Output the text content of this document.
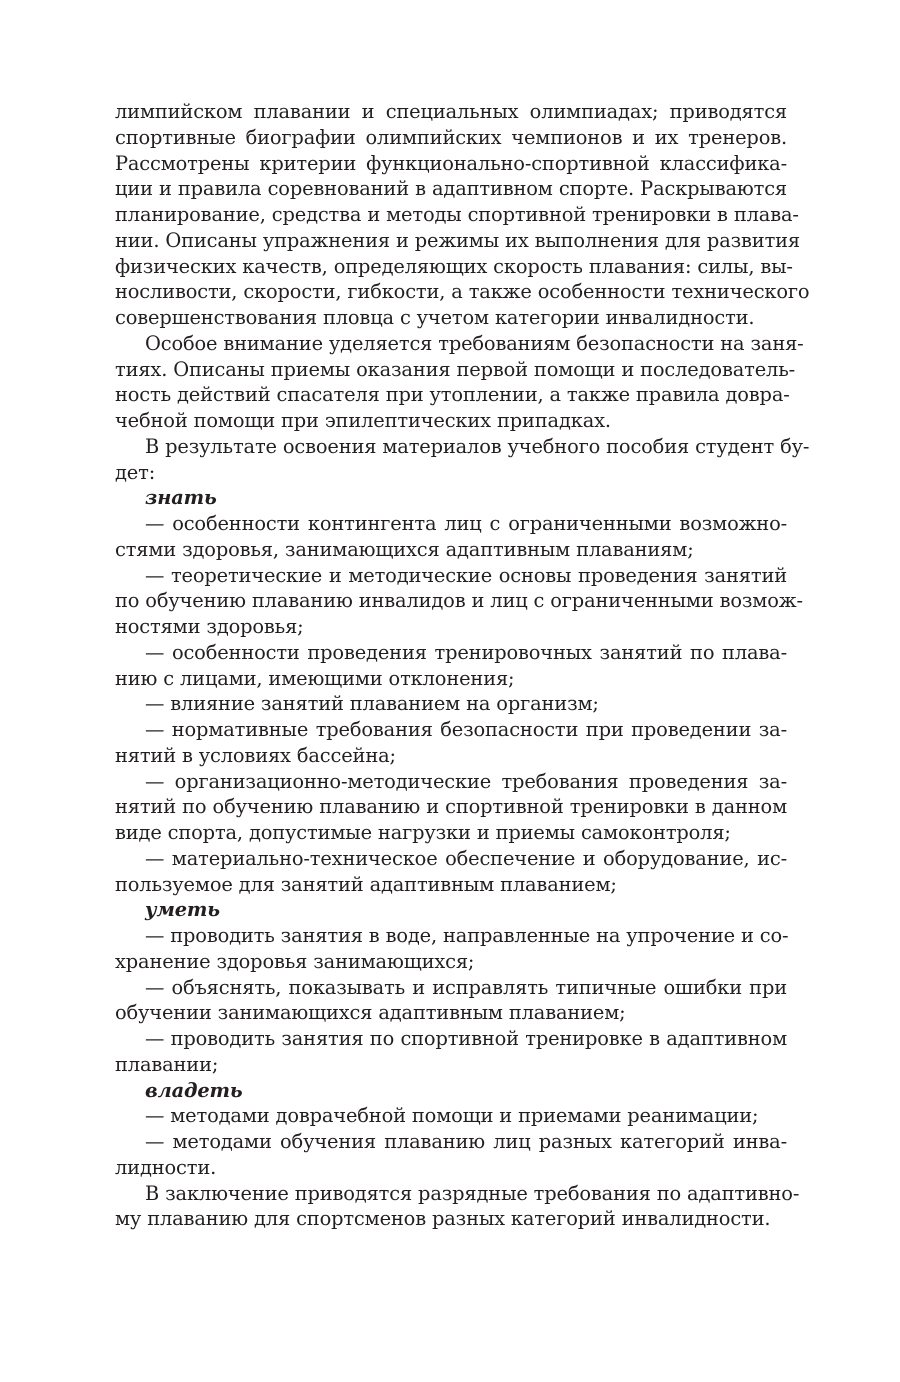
лимпийском плавании и специальных олимпиадах; приводятся
спортивные биографии олимпийских чемпионов и их тренеров.
Рассмотрены критерии функционально-спортивной классифика-
ции и правила соревнований в адаптивном спорте. Раскрываются
планирование, средства и методы спортивной тренировки в плава-
нии. Описаны упражнения и режимы их выполнения для развития
физических качеств, определяющих скорость плавания: силы, вы-
носливости, скорости, гибкости, а также особенности технического
совершенствования пловца с учетом категории инвалидности.

Особое внимание уделяется требованиям безопасности на заня-
тиях. Описаны приемы оказания первой помощи и последователь-
ность действий спасателя при утоплении, а также правила довра-
чебной помощи при эпилептических припадках.

В результате освоения материалов учебного пособия студент бу-
дет:

знать

— особенности контингента лиц с ограниченными возможно-
стями здоровья, занимающихся адаптивным плаваниям;

— теоретические и методические основы проведения занятий
по обучению плаванию инвалидов и лиц с ограниченными возмож-
ностями здоровья;

— особенности проведения тренировочных занятий по плава-
нию с лицами, имеющими отклонения;

— влияние занятий плаванием на организм;

— нормативные требования безопасности при проведении за-
нятий в условиях бассейна;

— организационно-методические требования проведения за-
нятий по обучению плаванию и спортивной тренировки в данном
виде спорта, допустимые нагрузки и приемы самоконтроля;

— материально-техническое обеспечение и оборудование, ис-
пользуемое для занятий адаптивным плаванием;

уметь

— проводить занятия в воде, направленные на упрочение и со-
хранение здоровья занимающихся;

— объяснять, показывать и исправлять типичные ошибки при
обучении занимающихся адаптивным плаванием;

— проводить занятия по спортивной тренировке в адаптивном
плавании;

владеть

— методами доврачебной помощи и приемами реанимации;

— методами обучения плаванию лиц разных категорий инва-
лидности.

В заключение приводятся разрядные требования по адаптивно-
му плаванию для спортсменов разных категорий инвалидности.
